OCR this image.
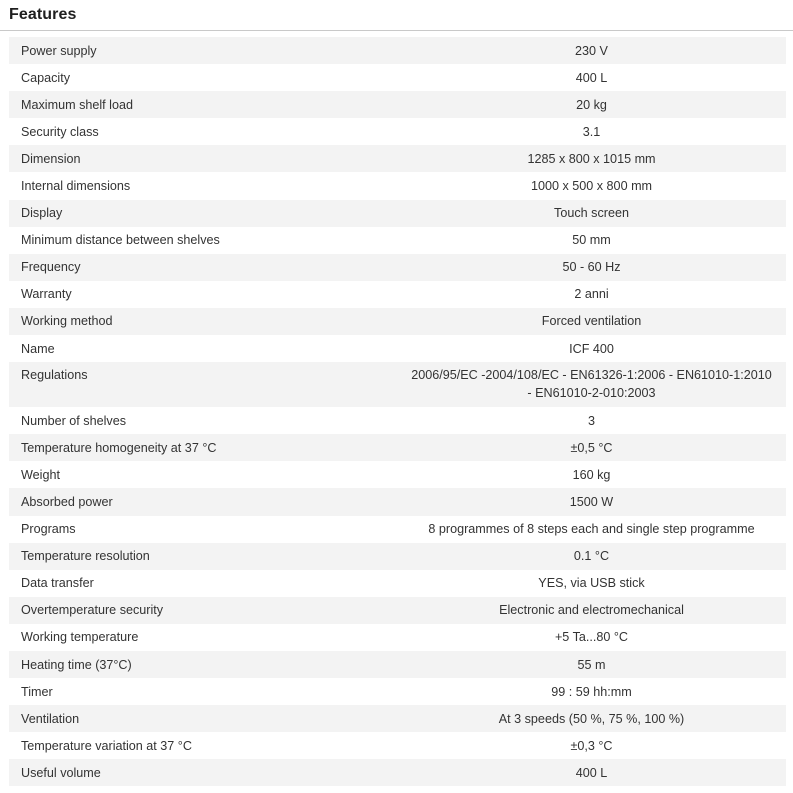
Features
Power supply	230 V
Capacity	400 L
Maximum shelf load	20 kg
Security class	3.1
Dimension	1285 x 800 x 1015 mm
Internal dimensions	1000 x 500 x 800 mm
Display	Touch screen
Minimum distance between shelves	50 mm
Frequency	50 - 60 Hz
Warranty	2 anni
Working method	Forced ventilation
Name	ICF 400
Regulations	2006/95/EC -2004/108/EC - EN61326-1:2006 - EN61010-1:2010 - EN61010-2-010:2003
Number of shelves	3
Temperature homogeneity at 37 °C	±0,5 °C
Weight	160 kg
Absorbed power	1500 W
Programs	8 programmes of 8 steps each and single step programme
Temperature resolution	0.1 °C
Data transfer	YES, via USB stick
Overtemperature security	Electronic and electromechanical
Working temperature	+5 Ta...80 °C
Heating time (37°C)	55 m
Timer	99 : 59 hh:mm
Ventilation	At 3 speeds (50 %, 75 %, 100 %)
Temperature variation at 37 °C	±0,3 °C
Useful volume	400 L
